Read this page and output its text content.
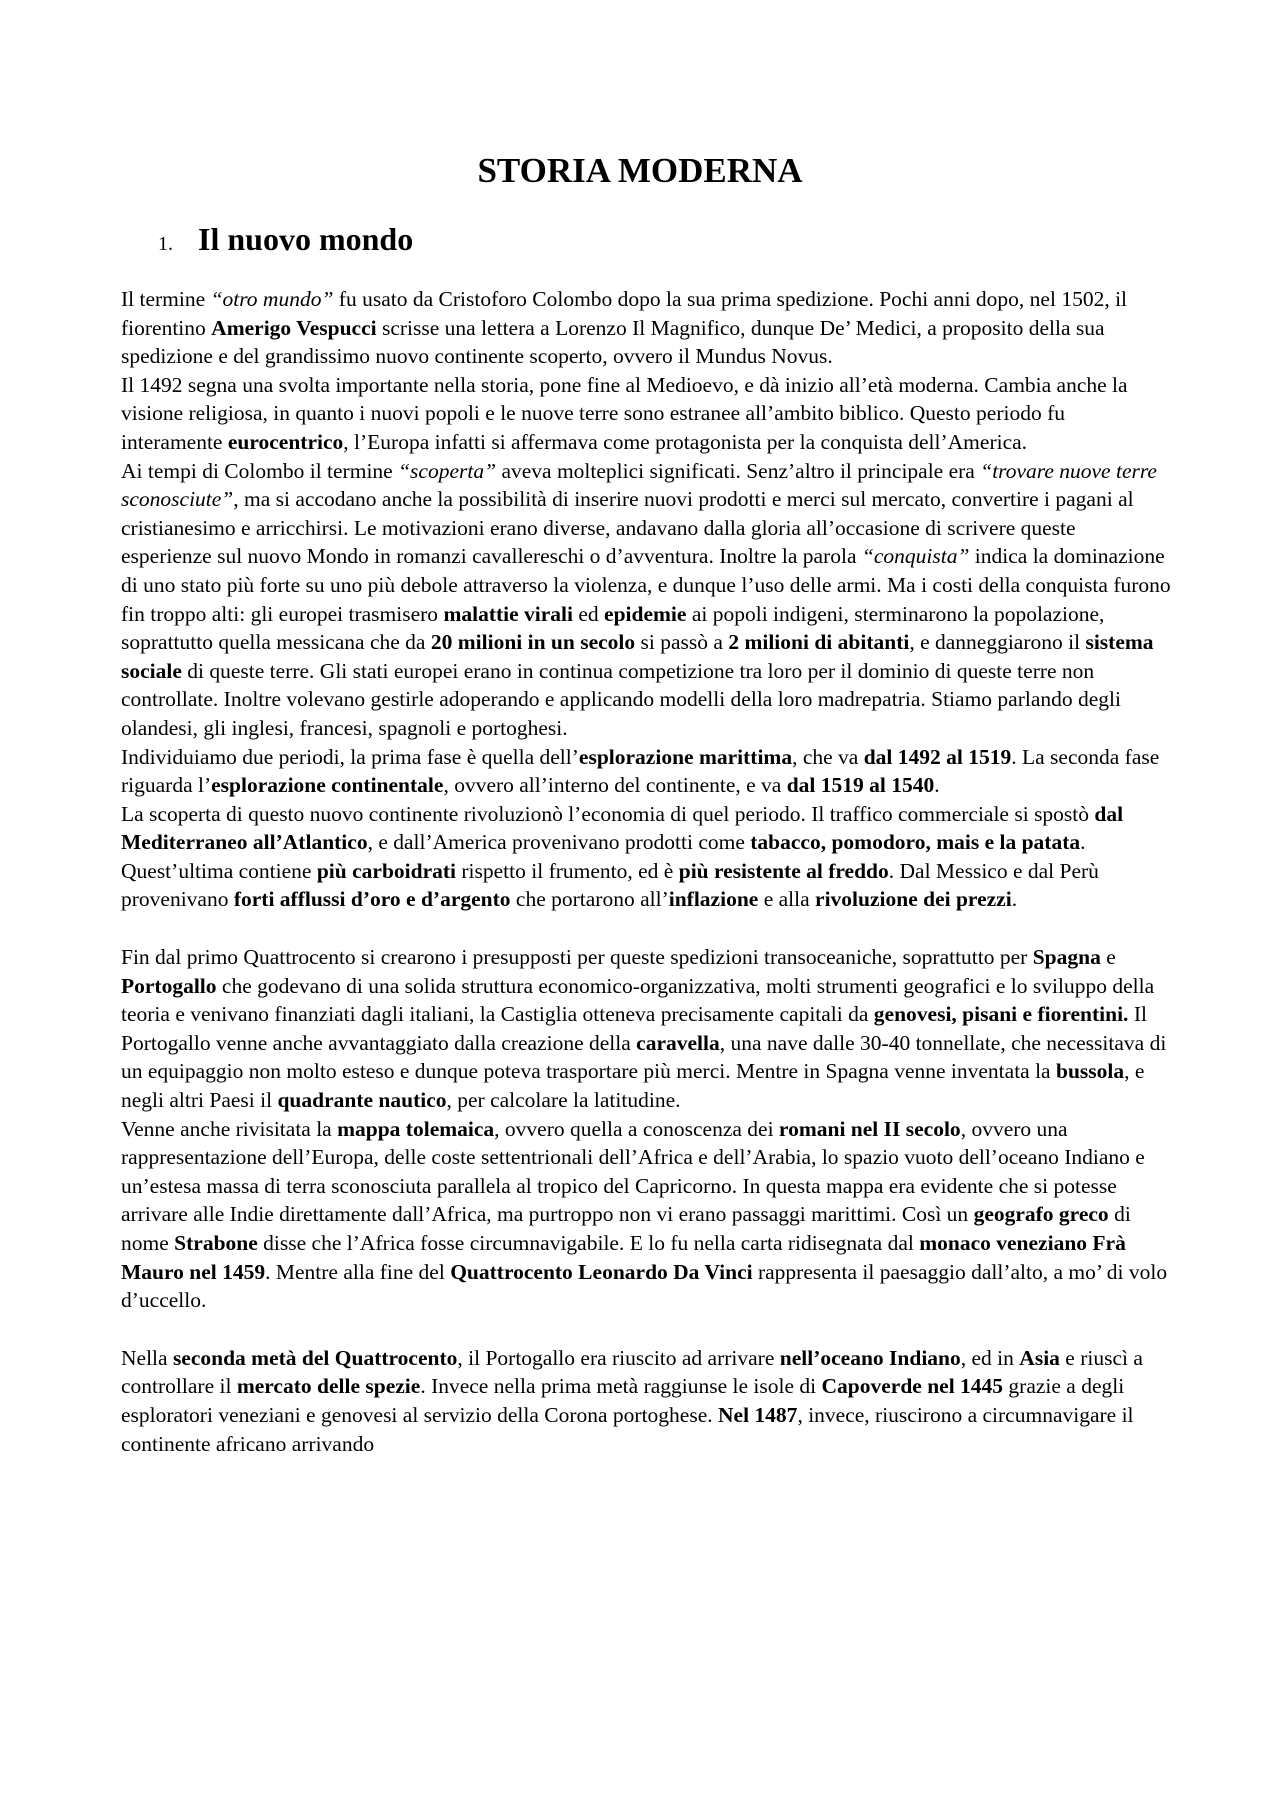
STORIA MODERNA
1. Il nuovo mondo

Il termine “otro mundo” fu usato da Cristoforo Colombo dopo la sua prima spedizione. Pochi anni dopo, nel 1502, il fiorentino Amerigo Vespucci scrisse una lettera a Lorenzo Il Magnifico, dunque De’ Medici, a proposito della sua spedizione e del grandissimo nuovo continente scoperto, ovvero il Mundus Novus.

Il 1492 segna una svolta importante nella storia, pone fine al Medioevo, e dà inizio all’età moderna. Cambia anche la visione religiosa, in quanto i nuovi popoli e le nuove terre sono estranee all’ambito biblico. Questo periodo fu interamente eurocentrico, l’Europa infatti si affermava come protagonista per la conquista dell’America.

Ai tempi di Colombo il termine “scoperta” aveva molteplici significati. Senz’altro il principale era “trovare nuove terre sconosciute”, ma si accodano anche la possibilità di inserire nuovi prodotti e merci sul mercato, convertire i pagani al cristianesimo e arricchirsi. Le motivazioni erano diverse, andavano dalla gloria all’occasione di scrivere queste esperienze sul nuovo Mondo in romanzi cavallereschi o d’avventura. Inoltre la parola “conquista” indica la dominazione di uno stato più forte su uno più debole attraverso la violenza, e dunque l’uso delle armi. Ma i costi della conquista furono fin troppo alti: gli europei trasmisero malattie virali ed epidemie ai popoli indigeni, sterminarono la popolazione, soprattutto quella messicana che da 20 milioni in un secolo si passò a 2 milioni di abitanti, e danneggiarono il sistema sociale di queste terre. Gli stati europei erano in continua competizione tra loro per il dominio di queste terre non controllate. Inoltre volevano gestirle adoperando e applicando modelli della loro madrepatria. Stiamo parlando degli olandesi, gli inglesi, francesi, spagnoli e portoghesi.

Individuiamo due periodi, la prima fase è quella dell’esplorazione marittima, che va dal 1492 al 1519. La seconda fase riguarda l’esplorazione continentale, ovvero all’interno del continente, e va dal 1519 al 1540.

La scoperta di questo nuovo continente rivoluzionò l’economia di quel periodo. Il traffico commerciale si spostò dal Mediterraneo all’Atlantico, e dall’America provenivano prodotti come tabacco, pomodoro, mais e la patata. Quest’ultima contiene più carboidrati rispetto il frumento, ed è più resistente al freddo. Dal Messico e dal Perù provenivano forti afflussi d’oro e d’argento che portarono all’inflazione e alla rivoluzione dei prezzi.

Fin dal primo Quattrocento si crearono i presupposti per queste spedizioni transoceaniche, soprattutto per Spagna e Portogallo che godevano di una solida struttura economico-organizzativa, molti strumenti geografici e lo sviluppo della teoria e venivano finanziati dagli italiani, la Castiglia otteneva precisamente capitali da genovesi, pisani e fiorentini. Il Portogallo venne anche avvantaggiato dalla creazione della caravella, una nave dalle 30-40 tonnellate, che necessitava di un equipaggio non molto esteso e dunque poteva trasportare più merci. Mentre in Spagna venne inventata la bussola, e negli altri Paesi il quadrante nautico, per calcolare la latitudine.

Venne anche rivisitata la mappa tolemaica, ovvero quella a conoscenza dei romani nel II secolo, ovvero una rappresentazione dell’Europa, delle coste settentrionali dell’Africa e dell’Arabia, lo spazio vuoto dell’oceano Indiano e un’estesa massa di terra sconosciuta parallela al tropico del Capricorno. In questa mappa era evidente che si potesse arrivare alle Indie direttamente dall’Africa, ma purtroppo non vi erano passaggi marittimi. Così un geografo greco di nome Strabone disse che l’Africa fosse circumnavigabile. E lo fu nella carta ridisegnata dal monaco veneziano Frà Mauro nel 1459. Mentre alla fine del Quattrocento Leonardo Da Vinci rappresenta il paesaggio dall’alto, a mo’ di volo d’uccello.

Nella seconda metà del Quattrocento, il Portogallo era riuscito ad arrivare nell’oceano Indiano, ed in Asia e riuscì a controllare il mercato delle spezie. Invece nella prima metà raggiunse le isole di Capoverde nel 1445 grazie a degli esploratori veneziani e genovesi al servizio della Corona portoghese. Nel 1487, invece, riuscirono a circumnavigare il continente africano arrivando
